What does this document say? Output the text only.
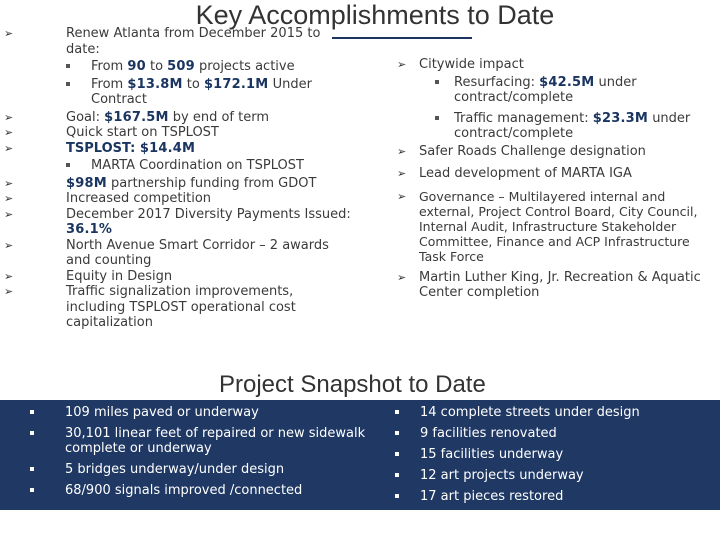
Key Accomplishments to Date
➢	Renew Atlanta from December 2015 to date:
From 90 to 509 projects active
From $13.8M to $172.1M Under Contract
➢	Goal: $167.5M by end of term
➢	Quick start on TSPLOST
➢	TSPLOST: $14.4M
MARTA Coordination on TSPLOST
➢	$98M partnership funding from GDOT
➢	Increased competition
➢	December 2017 Diversity Payments Issued:
36.1%
➢	North Avenue Smart Corridor – 2 awards and counting
➢	Equity in Design
➢	Traffic signalization improvements, including TSPLOST operational cost capitalization
➢ Citywide impact
Resurfacing: $42.5M under contract/complete
Traffic management: $23.3M under contract/complete
➢ Safer Roads Challenge designation
➢ Lead development of MARTA IGA
➢ Governance – Multilayered internal and external, Project Control Board, City Council, Internal Audit, Infrastructure Stakeholder Committee, Finance and ACP Infrastructure Task Force
➢ Martin Luther King, Jr. Recreation & Aquatic Center completion
Project Snapshot to Date
109 miles paved or underway
30,101 linear feet of repaired or new sidewalk complete or underway
5 bridges underway/under design
68/900 signals improved /connected
14 complete streets under design
9 facilities renovated
15 facilities underway
12 art projects underway
17 art pieces restored
